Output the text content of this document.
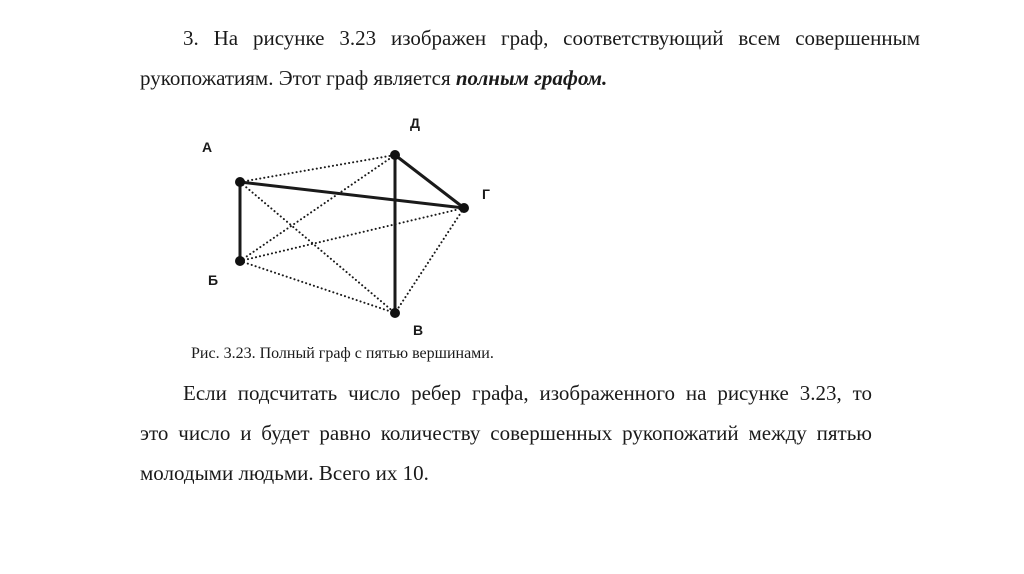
3. На рисунке 3.23 изображен граф, соответствующий всем совершенным
рукопожатиям. Этот граф является полным графом.
А
Д
Г
Б
В

Рис. 3.23. Полный граф с пятью вершинами.

Если подсчитать число ребер графа, изображенного на рисунке 3.23, то
это число и будет равно количеству совершенных рукопожатий между пятью
молодыми людьми. Всего их 10.
